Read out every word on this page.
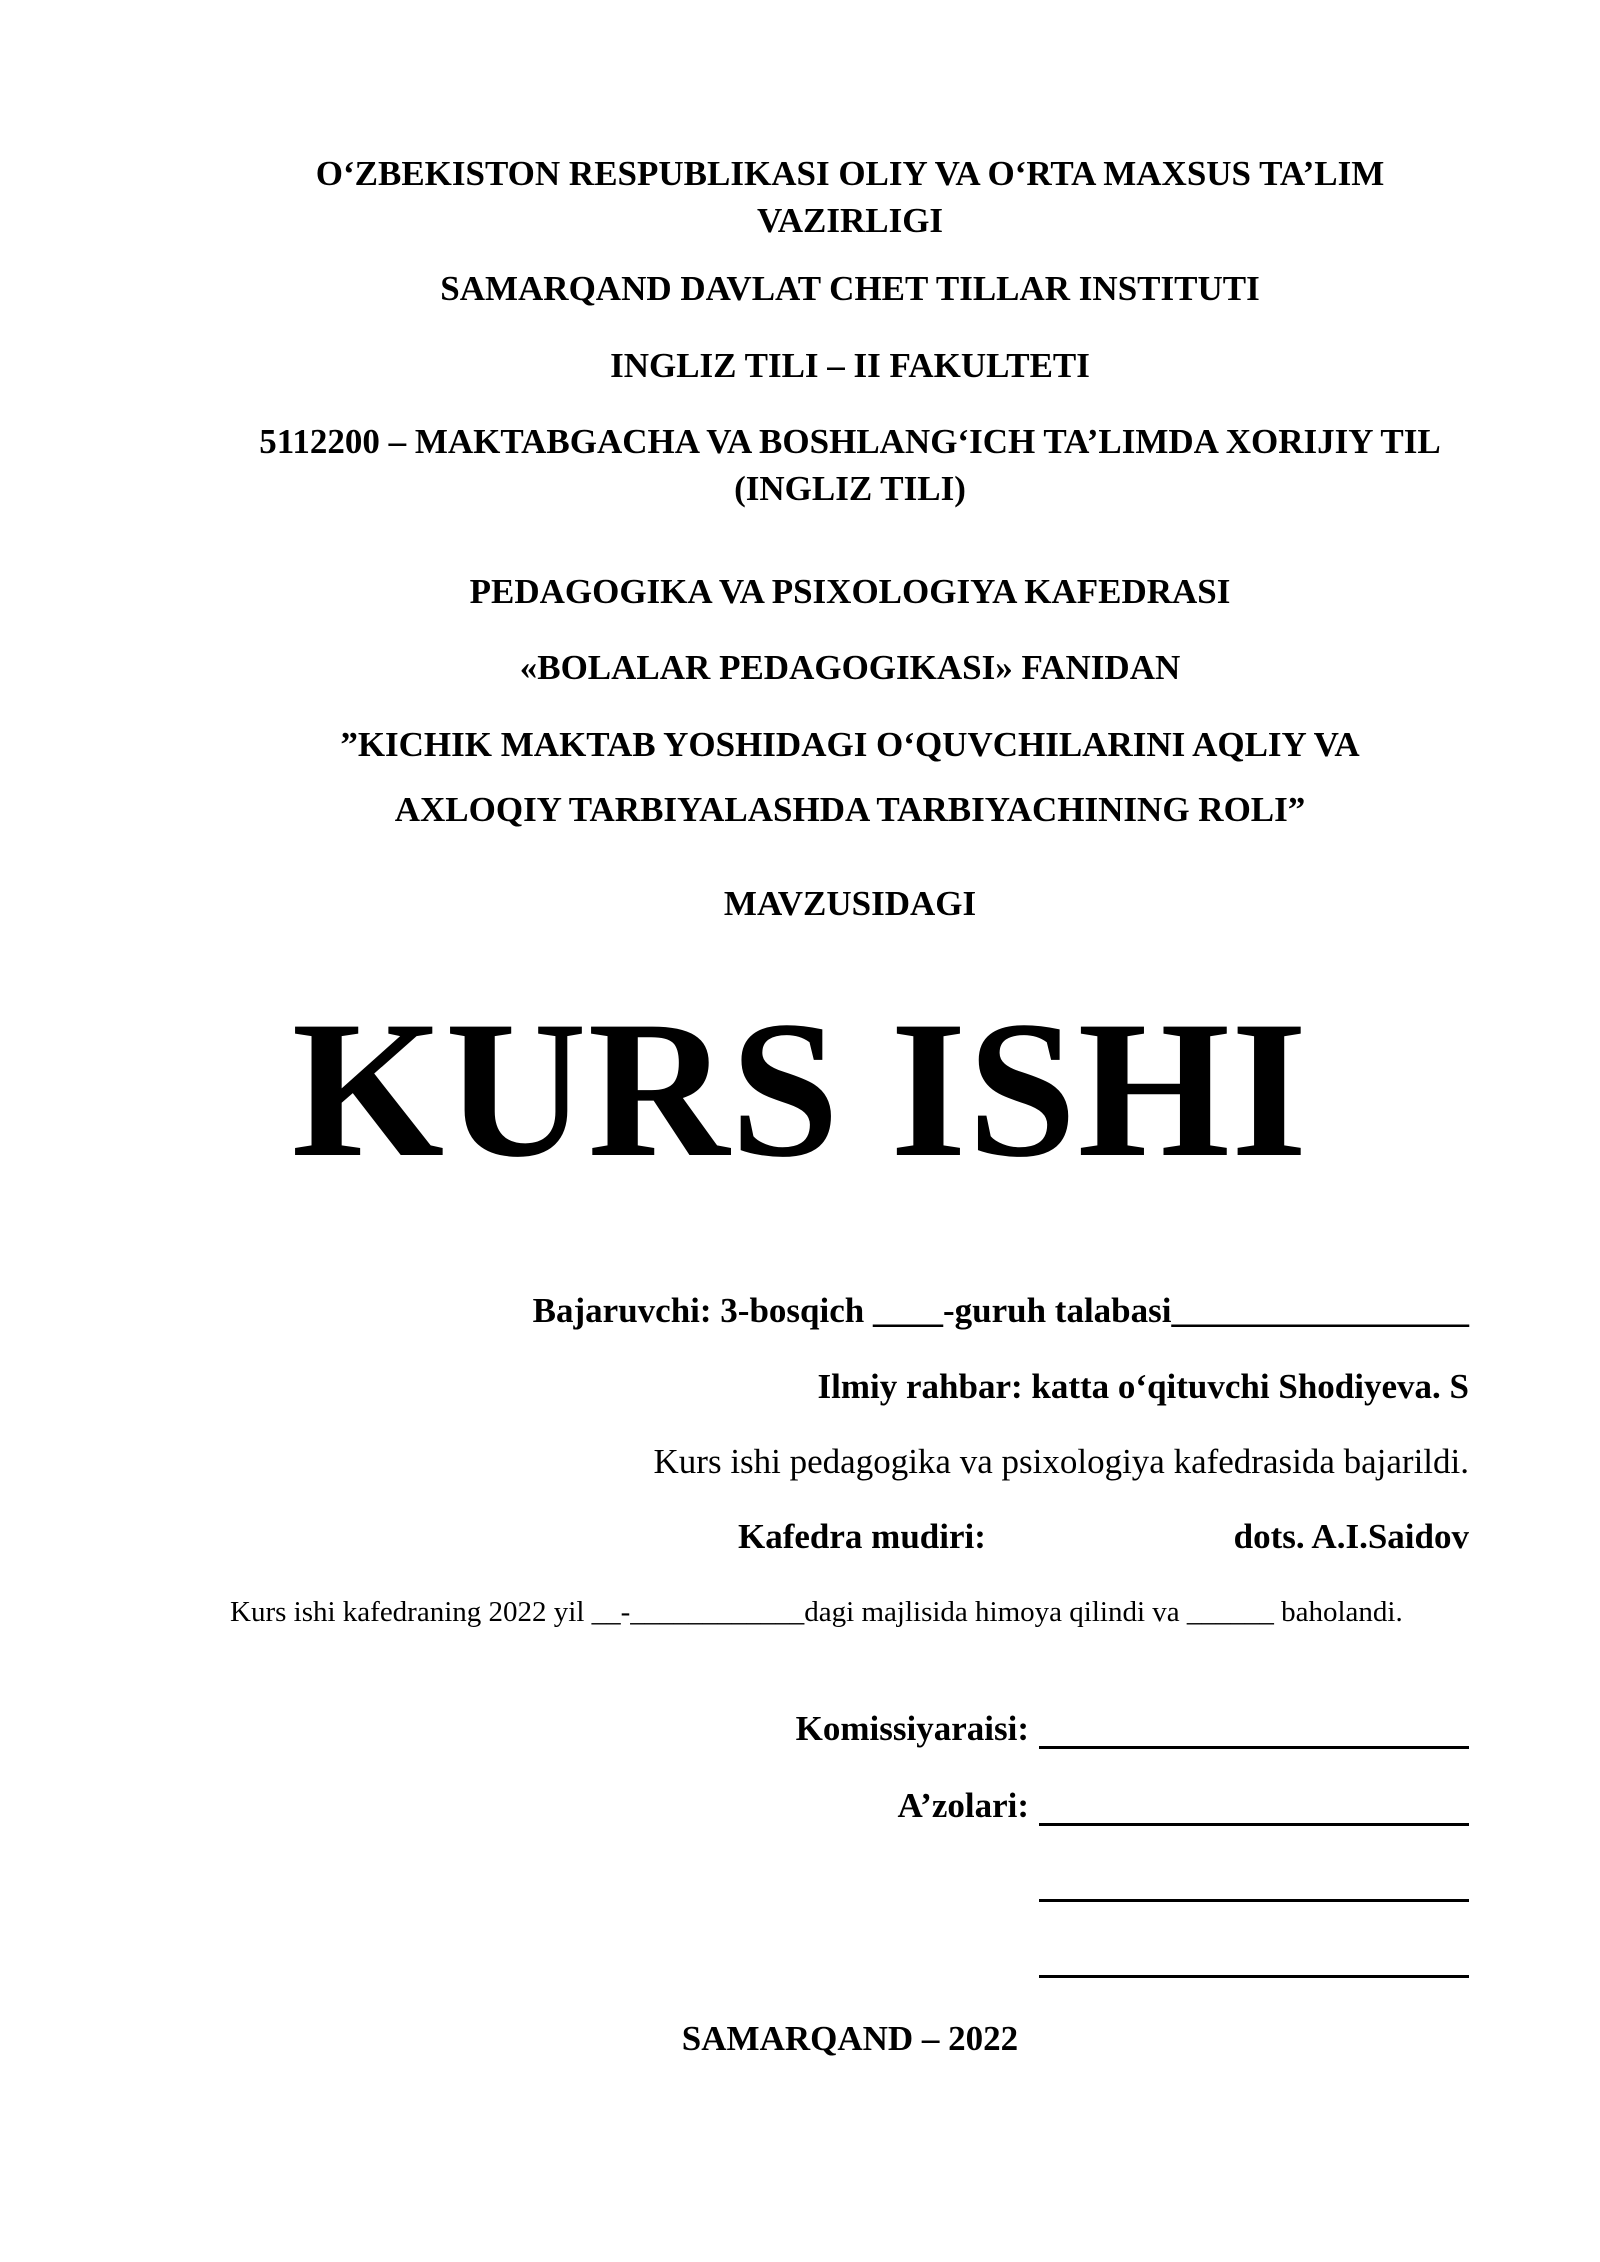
O‘ZBEKISTON RESPUBLIKASI OLIY VA O‘RTA MAXSUS TA’LIM VAZIRLIGI
SAMARQAND DAVLAT CHET TILLAR INSTITUTI
INGLIZ TILI – II FAKULTETI
5112200 – MAKTABGACHA VA BOSHLANG‘ICH TA’LIMDA XORIJIY TIL (INGLIZ TILI)
PEDAGOGIKA VA PSIXOLOGIYA KAFEDRASI
«BOLALAR PEDAGOGIKASI» FANIDAN
”KICHIK MAKTAB YOSHIDAGI O‘QUVCHILARINI AQLIY VA
AXLOQIY TARBIYALASHDA TARBIYACHINING ROLI”
MAVZUSIDAGI
KURS ISHI
Bajaruvchi: 3-bosqich ____-guruh talabasi_________________
Ilmiy rahbar: katta o‘qituvchi Shodiyeva. S
Kurs ishi pedagogika va psixologiya kafedrasida bajarildi.
Kafedra mudiri:	dots. A.I.Saidov
Kurs ishi kafedraning 2022 yil __-____________dagi majlisida himoya qilindi va ______ baholandi.
Komissiyaraisi:
A’zolari:
SAMARQAND – 2022
